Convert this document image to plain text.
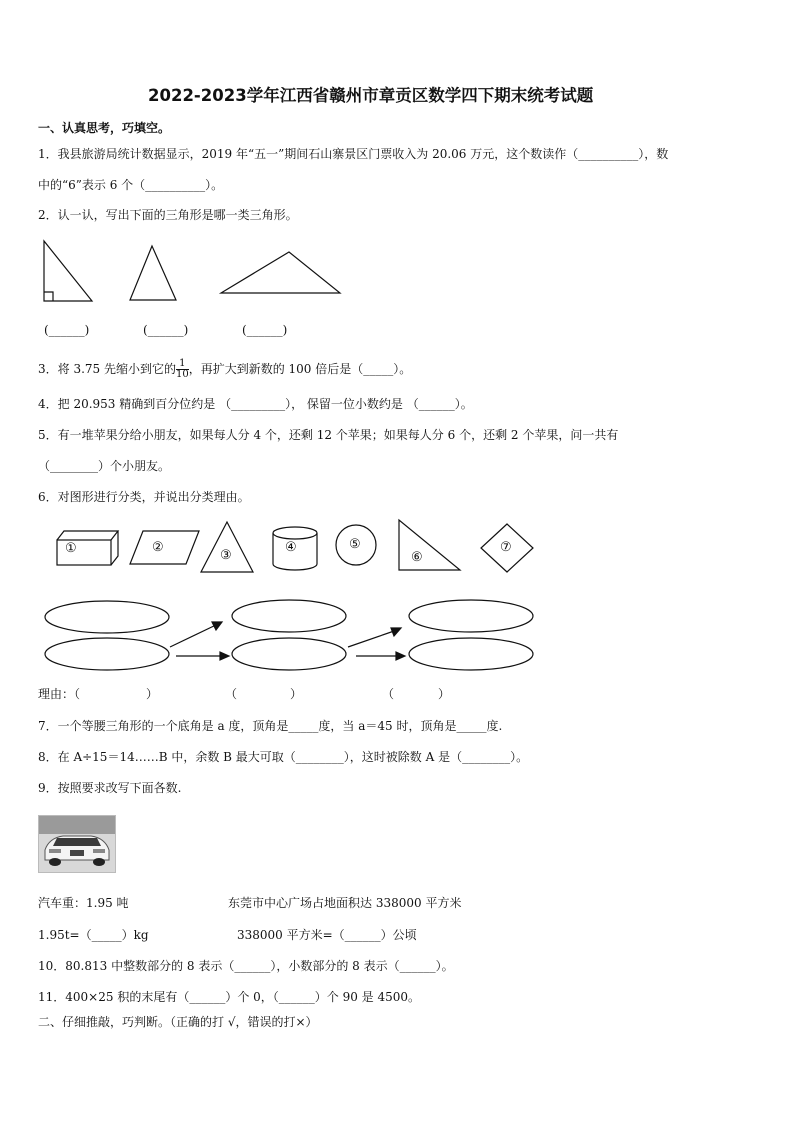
2022-2023学年江西省赣州市章贡区数学四下期末统考试题
一、认真思考，巧填空。
1．我县旅游局统计数据显示，2019 年“五一”期间石山寨景区门票收入为 20.06 万元，这个数读作（__________），数
中的“6”表示 6 个（__________）。
2．认一认，写出下面的三角形是哪一类三角形。
(______)	(______)	(______)
3．将 3.75 先缩小到它的 $\frac{1}{10}$ ，再扩大到新数的 100 倍后是（_____）。
4．把 20.953 精确到百分位约是 （_________）， 保留一位小数约是 （______）。
5．有一堆苹果分给小朋友，如果每人分 4 个，还剩 12 个苹果；如果每人分 6 个，还剩 2 个苹果，问一共有
（________）个小朋友。
6．对图形进行分类，并说出分类理由。
①	②
③
④	⑤
⑥
⑦
理由：（	）	（	）	（	）
7．一个等腰三角形的一个底角是 a 度，顶角是_____度，当 a＝45 时，顶角是_____度.
8．在 A÷15＝14……B 中，余数 B 最大可取（________），这时被除数 A 是（________）。
9．按照要求改写下面各数.
汽车重：1.95 吨	东莞市中心广场占地面积达 338000 平方米
1.95t=（_____）kg	338000 平方米=（______）公顷
10．80.813 中整数部分的 8 表示（______），小数部分的 8 表示（______）。
11．400×25 积的末尾有（______）个 0，（______）个 90 是 4500。
二、仔细推敲，巧判断。（正确的打 √，错误的打×）
